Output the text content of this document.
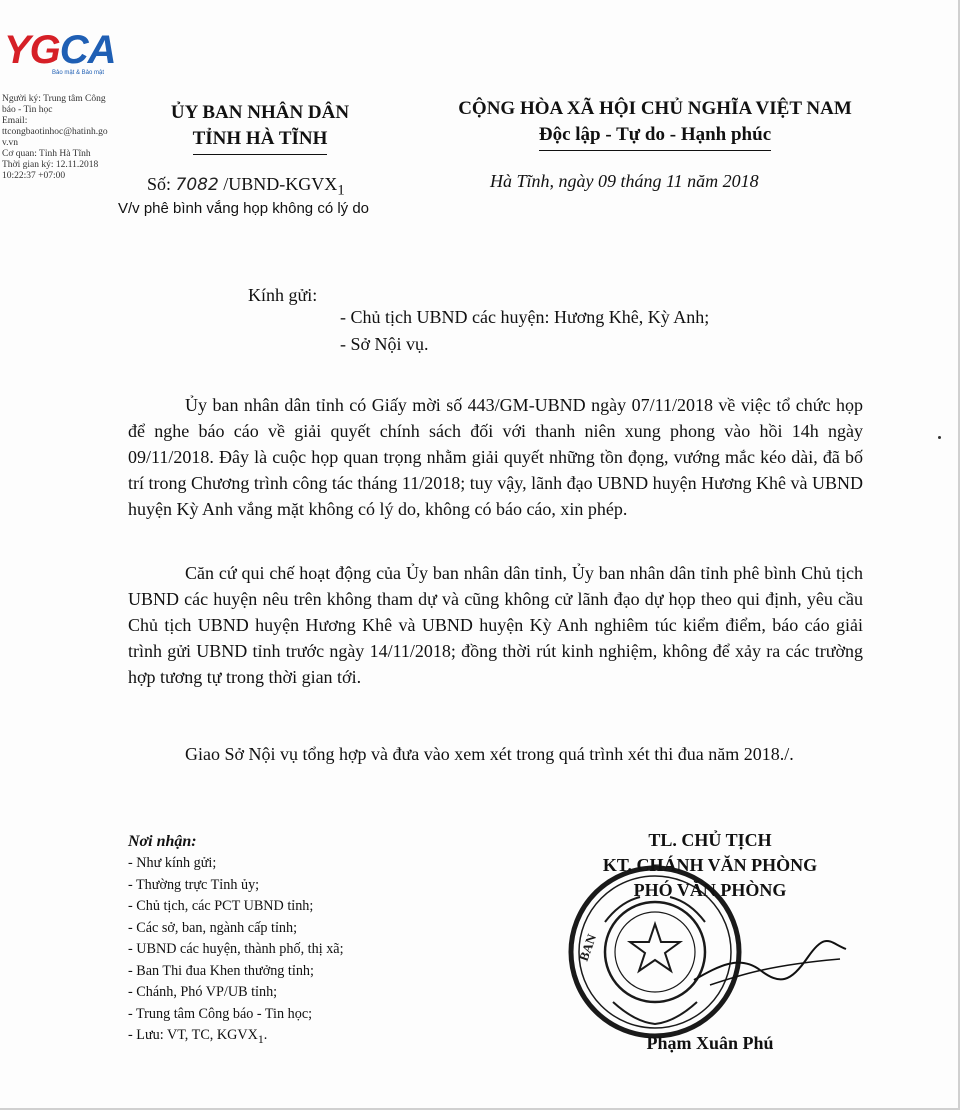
YGCA
Bảo mật & Bảo mật
Người ký: Trung tâm Công
báo - Tin học
Email:
ttcongbaotinhoc@hatinh.go
v.vn
Cơ quan: Tỉnh Hà Tĩnh
Thời gian ký: 12.11.2018
10:22:37 +07:00
ỦY BAN NHÂN DÂN
TỈNH HÀ TĨNH
CỘNG HÒA XÃ HỘI CHỦ NGHĨA VIỆT NAM
Độc lập - Tự do - Hạnh phúc
Số: 7082 $/UBND-KGVX_1$
V/v phê bình vắng họp không có lý do
Hà Tĩnh, ngày 09 tháng 11 năm 2018
Kính gửi:
- Chủ tịch UBND các huyện: Hương Khê, Kỳ Anh;
- Sở Nội vụ.
Ủy ban nhân dân tỉnh có Giấy mời số 443/GM-UBND ngày 07/11/2018 về việc tổ chức họp để nghe báo cáo về giải quyết chính sách đối với thanh niên xung phong vào hồi 14h ngày 09/11/2018. Đây là cuộc họp quan trọng nhằm giải quyết những tồn đọng, vướng mắc kéo dài, đã bố trí trong Chương trình công tác tháng 11/2018; tuy vậy, lãnh đạo UBND huyện Hương Khê và UBND huyện Kỳ Anh vắng mặt không có lý do, không có báo cáo, xin phép.
Căn cứ qui chế hoạt động của Ủy ban nhân dân tỉnh, Ủy ban nhân dân tỉnh phê bình Chủ tịch UBND các huyện nêu trên không tham dự và cũng không cử lãnh đạo dự họp theo qui định, yêu cầu Chủ tịch UBND huyện Hương Khê và UBND huyện Kỳ Anh nghiêm túc kiểm điểm, báo cáo giải trình gửi UBND tỉnh trước ngày 14/11/2018; đồng thời rút kinh nghiệm, không để xảy ra các trường hợp tương tự trong thời gian tới.
Giao Sở Nội vụ tổng hợp và đưa vào xem xét trong quá trình xét thi đua năm 2018./.
Nơi nhận:
- Như kính gửi;
- Thường trực Tỉnh ủy;
- Chủ tịch, các PCT UBND tỉnh;
- Các sở, ban, ngành cấp tỉnh;
- UBND các huyện, thành phố, thị xã;
- Ban Thi đua Khen thưởng tỉnh;
- Chánh, Phó VP/UB tỉnh;
- Trung tâm Công báo - Tin học;
- Lưu: VT, TC, $KGVX_1$.
BAN
TL. CHỦ TỊCH
KT. CHÁNH VĂN PHÒNG
PHÓ VĂN PHÒNG
Phạm Xuân Phú
